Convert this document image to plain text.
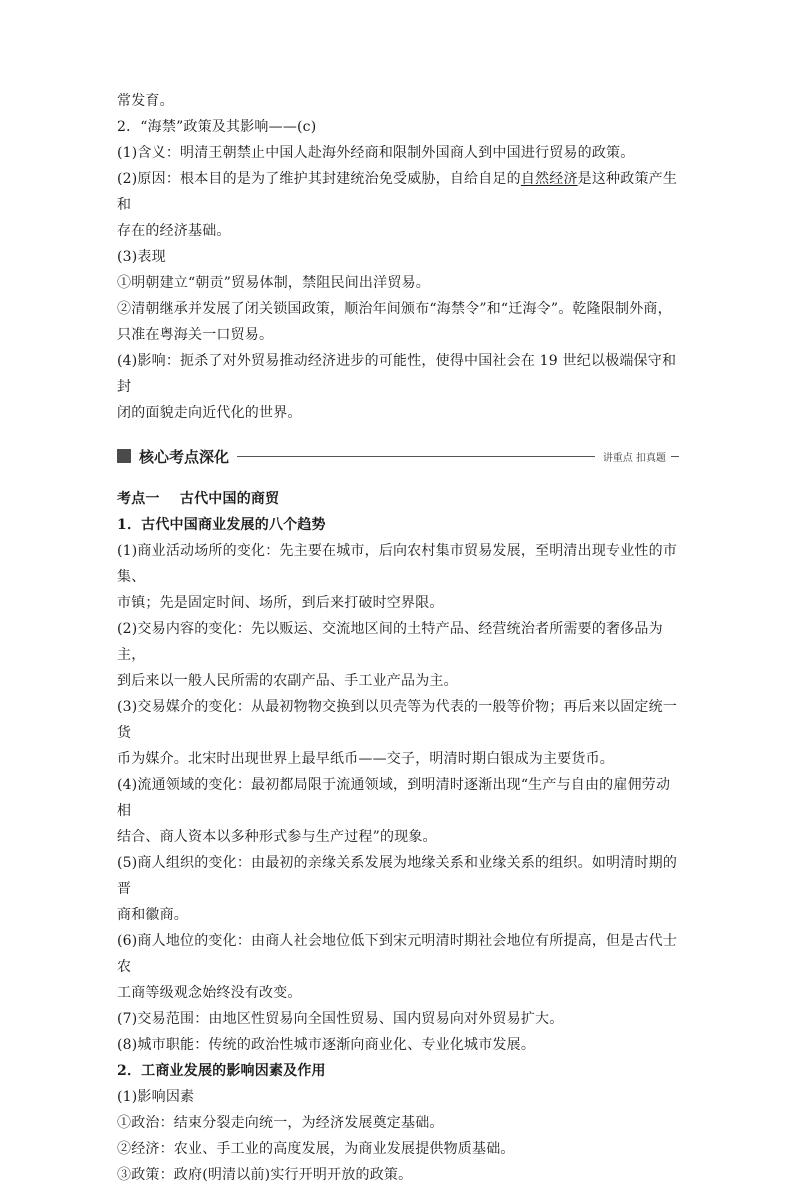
常发育。

2．“海禁”政策及其影响——(c)

(1)含义：明清王朝禁止中国人赴海外经商和限制外国商人到中国进行贸易的政策。

(2)原因：根本目的是为了维护其封建统治免受威胁，自给自足的自然经济是这种政策产生和

存在的经济基础。

(3)表现

①明朝建立“朝贡”贸易体制，禁阻民间出洋贸易。

②清朝继承并发展了闭关锁国政策，顺治年间颁布“海禁令”和“迁海令”。乾隆限制外商，

只准在粤海关一口贸易。

(4)影响：扼杀了对外贸易推动经济进步的可能性，使得中国社会在 19 世纪以极端保守和封

闭的面貌走向近代化的世界。

核心考点深化	讲重点 扣真题

考点一    古代中国的商贸

1．古代中国商业发展的八个趋势

(1)商业活动场所的变化：先主要在城市，后向农村集市贸易发展，至明清出现专业性的市集、

市镇；先是固定时间、场所，到后来打破时空界限。

(2)交易内容的变化：先以贩运、交流地区间的土特产品、经营统治者所需要的奢侈品为主，

到后来以一般人民所需的农副产品、手工业产品为主。

(3)交易媒介的变化：从最初物物交换到以贝壳等为代表的一般等价物；再后来以固定统一货

币为媒介。北宋时出现世界上最早纸币——交子，明清时期白银成为主要货币。

(4)流通领域的变化：最初都局限于流通领域，到明清时逐渐出现“生产与自由的雇佣劳动相

结合、商人资本以多种形式参与生产过程”的现象。

(5)商人组织的变化：由最初的亲缘关系发展为地缘关系和业缘关系的组织。如明清时期的晋

商和徽商。

(6)商人地位的变化：由商人社会地位低下到宋元明清时期社会地位有所提高，但是古代士农

工商等级观念始终没有改变。

(7)交易范围：由地区性贸易向全国性贸易、国内贸易向对外贸易扩大。

(8)城市职能：传统的政治性城市逐渐向商业化、专业化城市发展。

2．工商业发展的影响因素及作用

(1)影响因素

①政治：结束分裂走向统一，为经济发展奠定基础。

②经济：农业、手工业的高度发展，为商业发展提供物质基础。

③政策：政府(明清以前)实行开明开放的政策。
